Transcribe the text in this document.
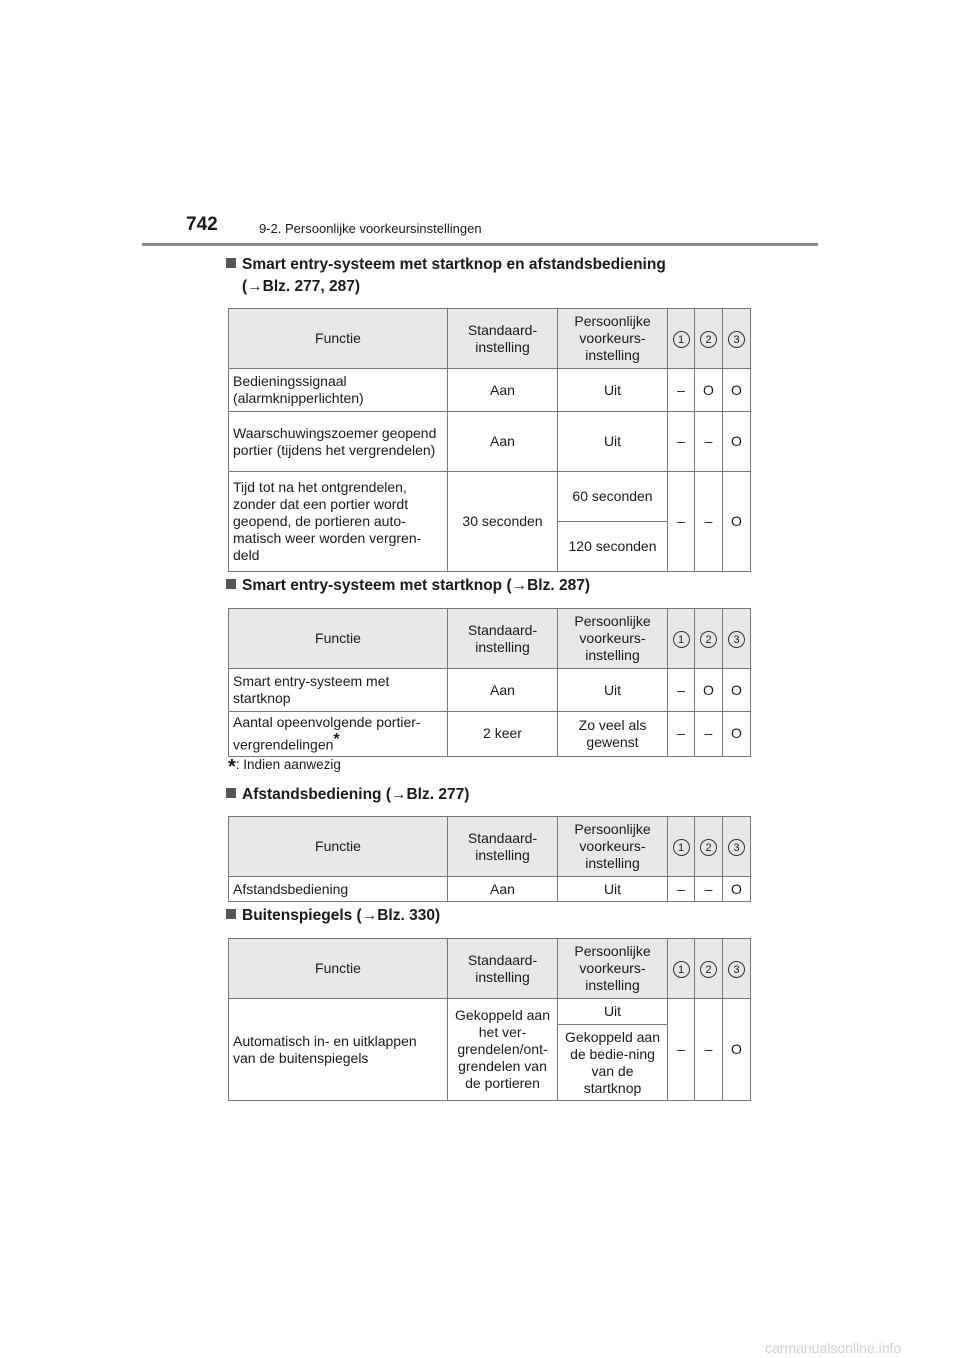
742	9-2. Persoonlijke voorkeursinstellingen
Smart entry-systeem met startknop en afstandsbediening
(→Blz. 277, 287)
Functie	Standaard-instelling	Persoonlijke voorkeurs-instelling	1	2	3
Bedieningssignaal (alarmknipperlichten)	Aan	Uit	–	O	O
Waarschuwingszoemer geopend portier (tijdens het vergrendelen)	Aan	Uit	–	–	O
Tijd tot na het ontgrendelen, zonder dat een portier wordt geopend, de portieren auto-matisch weer worden vergren-deld	30 seconden	60 seconden	–	–	O
		120 seconden			
Smart entry-systeem met startknop (→Blz. 287)
Functie	Standaard-instelling	Persoonlijke voorkeurs-instelling	1	2	3
Smart entry-systeem met startknop	Aan	Uit	–	O	O
Aantal opeenvolgende portier-vergrendelingen*	2 keer	Zo veel als gewenst	–	–	O
*: Indien aanwezig
Afstandsbediening (→Blz. 277)
Functie	Standaard-instelling	Persoonlijke voorkeurs-instelling	1	2	3
Afstandsbediening	Aan	Uit	–	–	O
Buitenspiegels (→Blz. 330)
Functie	Standaard-instelling	Persoonlijke voorkeurs-instelling	1	2	3
Automatisch in- en uitklappen van de buitenspiegels	Gekoppeld aan het ver-grendelen/ont-grendelen van de portieren	Uit	–	–	O
		Gekoppeld aan de bedie-ning van de startknop			
carmanualsonline.info
